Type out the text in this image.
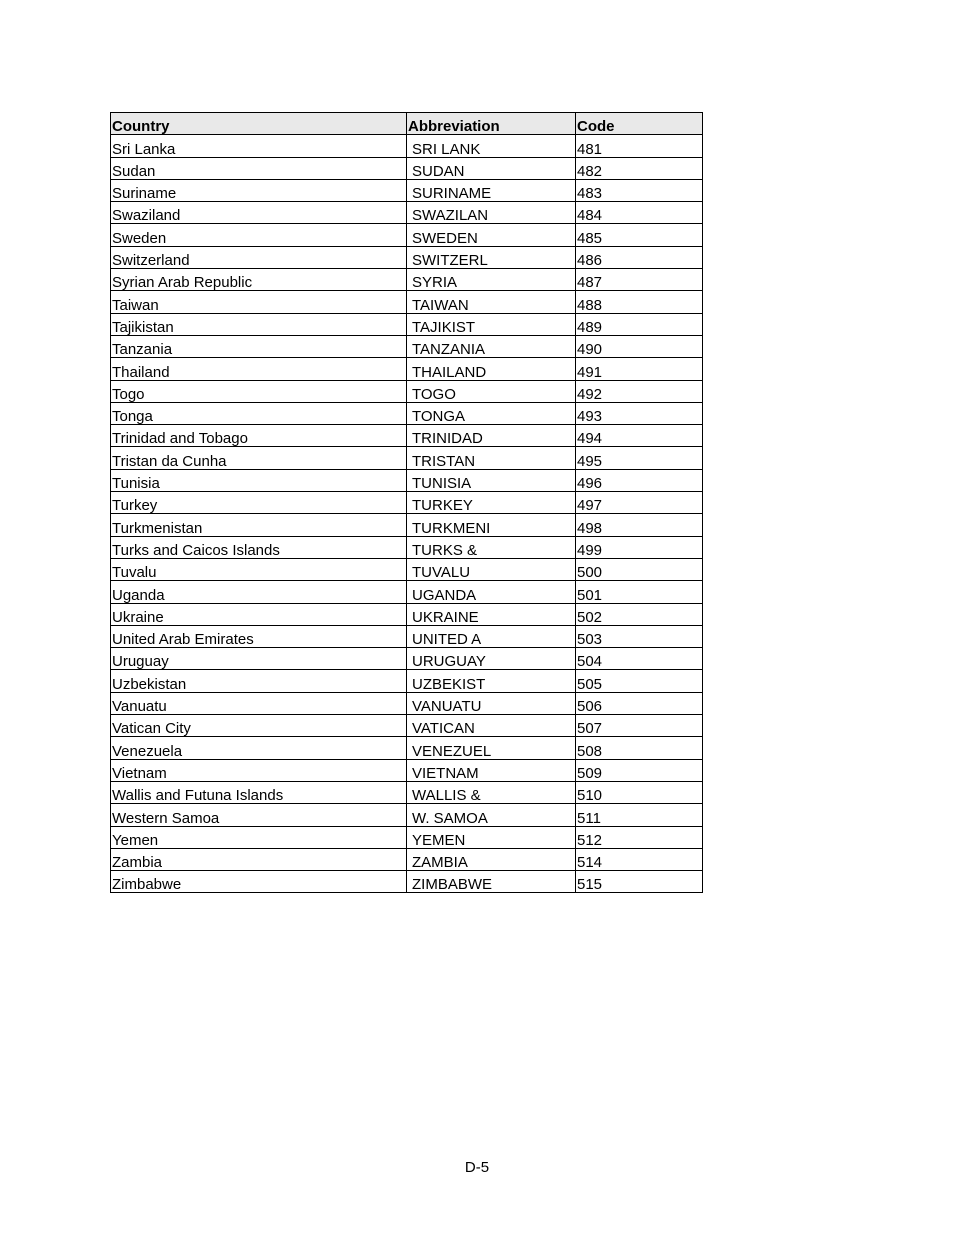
Country	Abbreviation	Code
Sri Lanka	SRI LANK	481
Sudan	SUDAN	482
Suriname	SURINAME	483
Swaziland	SWAZILAN	484
Sweden	SWEDEN	485
Switzerland	SWITZERL	486
Syrian Arab Republic	SYRIA	487
Taiwan	TAIWAN	488
Tajikistan	TAJIKIST	489
Tanzania	TANZANIA	490
Thailand	THAILAND	491
Togo	TOGO	492
Tonga	TONGA	493
Trinidad and Tobago	TRINIDAD	494
Tristan da Cunha	TRISTAN	495
Tunisia	TUNISIA	496
Turkey	TURKEY	497
Turkmenistan	TURKMENI	498
Turks and Caicos Islands	TURKS &	499
Tuvalu	TUVALU	500
Uganda	UGANDA	501
Ukraine	UKRAINE	502
United Arab Emirates	UNITED A	503
Uruguay	URUGUAY	504
Uzbekistan	UZBEKIST	505
Vanuatu	VANUATU	506
Vatican City	VATICAN	507
Venezuela	VENEZUEL	508
Vietnam	VIETNAM	509
Wallis and Futuna Islands	WALLIS &	510
Western Samoa	W. SAMOA	511
Yemen	YEMEN	512
Zambia	ZAMBIA	514
Zimbabwe	ZIMBABWE	515
D-5
